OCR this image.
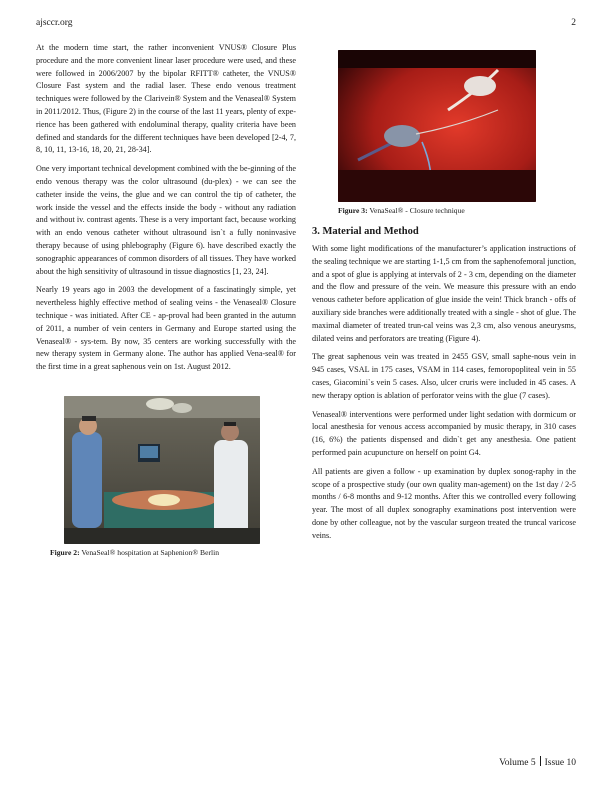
ajsccr.org	2

At the modern time start, the rather inconvenient VNUS® Closure Plus procedure and the more convenient linear laser procedure were used, and these were followed in 2006/2007 by the bipolar RFITT® catheter, the VNUS® Closure Fast system and the radial laser. These endo venous treatment techniques were followed by the Clarivein® System and the Venaseal® System in 2011/2012. Thus, (Figure 2) in the course of the last 11 years, plenty of expe-rience has been gathered with endoluminal therapy, quality criteria have been defined and standards for the different techniques have been developed [2-4, 7, 8, 10, 11, 13-16, 18, 20, 21, 28-34].

One very important technical development combined with the be-ginning of the endo venous therapy was the color ultrasound (du-plex) - we can see the catheter inside the veins, the glue and we can control the tip of catheter, the work inside the vessel and the effects inside the body - without any radiation and without iv. contrast agents. These is a very important fact, because working with an endo venous catheter without ultrasound isn`t a fully noninvasive therapy because of using phlebography (Figure 6). have described exactly the sonographic appearances of common disorders of all tissues. They have worked about the high sensitivity of ultrasound in tissue diagnostics [1, 23, 24].

Nearly 19 years ago in 2003 the development of a fascinatingly simple, yet nevertheless highly effective method of sealing veins - the Venaseal® Closure technique - was initiated. After CE - ap-proval had been granted in the autumn of 2011, a number of vein centers in Germany and Europe started using the Venaseal® - sys-tem. By now, 35 centers are working successfully with the new therapy system in Germany alone. The author has applied Vena-seal® for the first time in a great saphenous vein on 1st. August 2012.

Figure 2: VenaSeal® hospitation at Saphenion® Berlin

Figure 3: VenaSeal® - Closure technique

3. Material and Method

With some light modifications of the manufacturer’s application instructions of the sealing technique we are starting 1-1,5 cm from the saphenofemoral junction, and a spot of glue is applying at intervals of 2 - 3 cm, depending on the diameter and the flow and pressure of the vein. We measure this pressure with an endo venous catheter before application of glue inside the vein! Thick branch - offs of auxiliary side branches were additionally treated with a single - shot of glue. The maximal diameter of treated trun-cal veins was 2,3 cm, also venous aneurysms, dilated veins and perforators are treating (Figure 4).

The great saphenous vein was treated in 2455 GSV, small saphe-nous vein in 945 cases, VSAL in 175 cases, VSAM in 114 cases, femoropopliteal vein in 55 cases, Giacomini`s vein 5 cases. Also, ulcer cruris were included in 45 cases. A new therapy option is ablation of perforator veins with the glue (7 cases).

Venaseal® interventions were performed under light sedation with dormicum or local anesthesia for venous access accompanied by music therapy, in 310 cases (16, 6%) the patients dispensed and didn`t get any anesthesia. One patient performed pain acupuncture on herself on point G4.

All patients are given a follow - up examination by duplex sonog-raphy in the scope of a prospective study (our own quality man-agement) on the 1st day / 2-5 months / 6-8 months and 9-12 months. After this we controlled every following year. The most of all duplex sonography examinations post intervention were done by other colleague, not by the vascular surgeon treated the truncal varicose veins.

Volume 5 Issue 10
